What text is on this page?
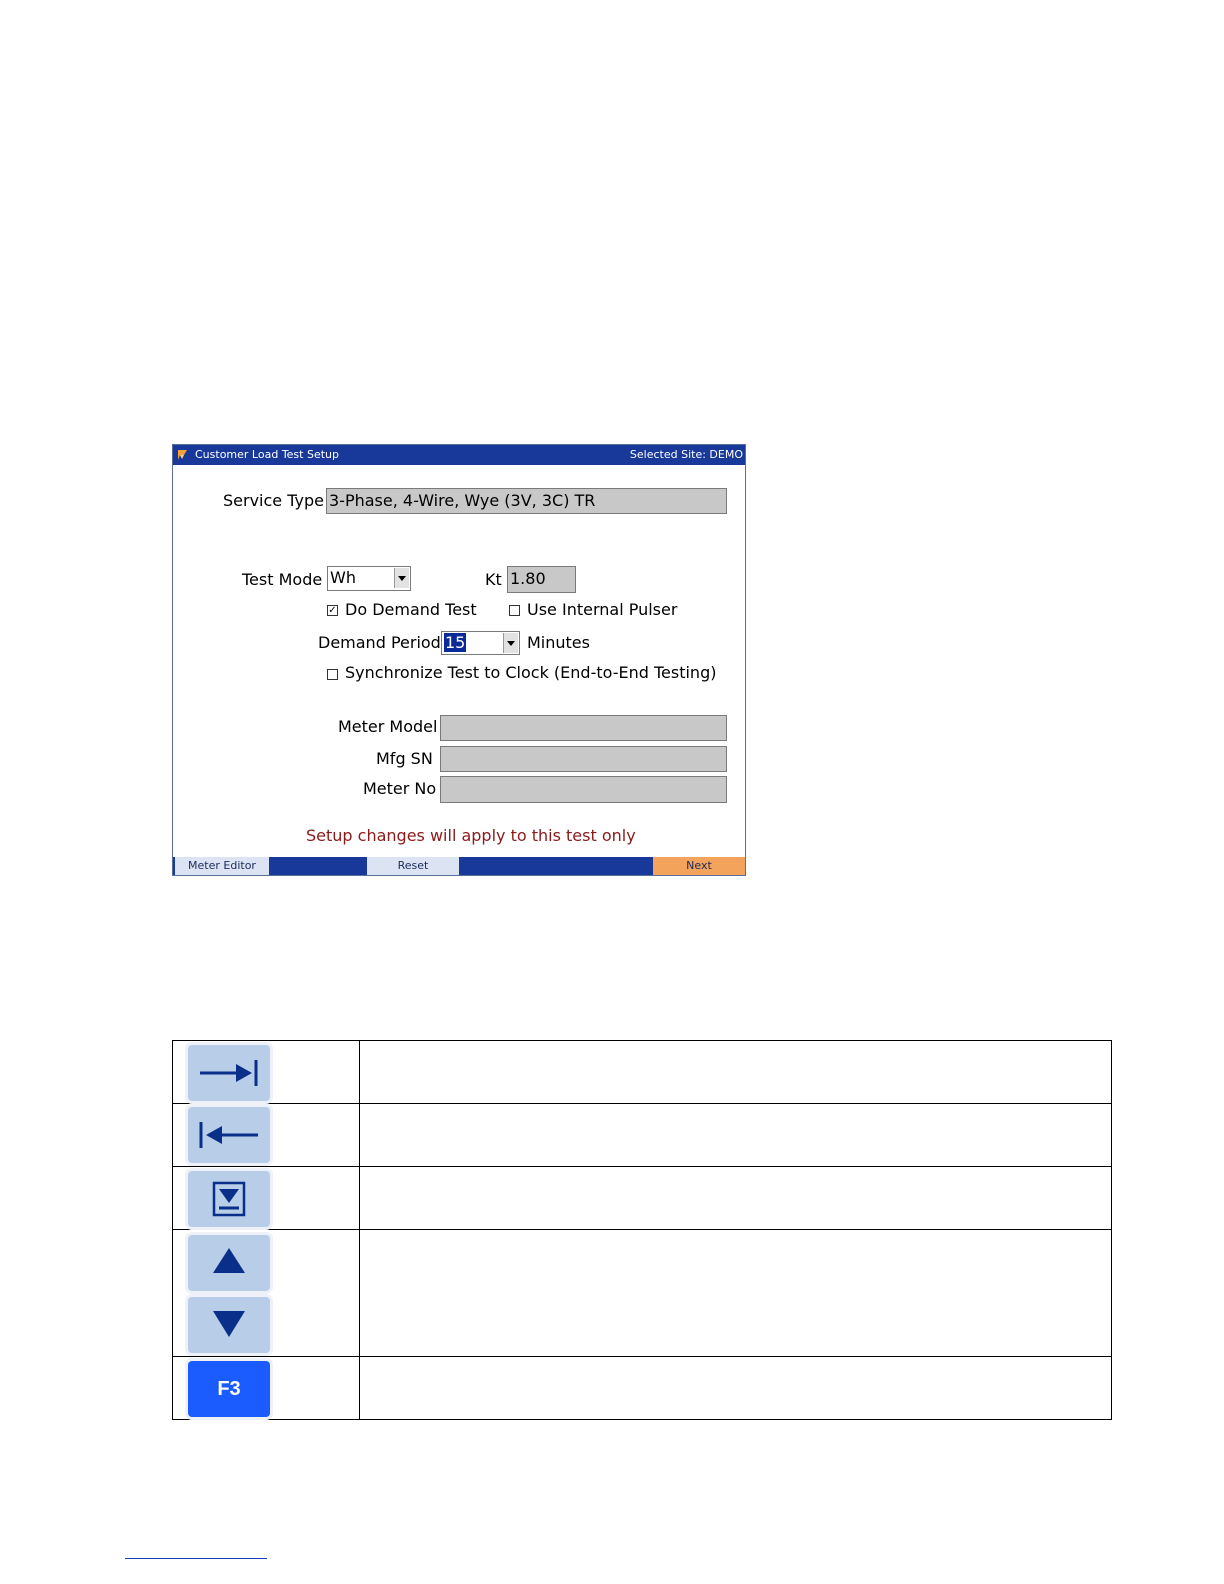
Customer Load Test Setup	Selected Site: DEMO
Service Type 3-Phase, 4-Wire, Wye (3V, 3C) TR
Test Mode Wh	Kt 1.80
✓ Do Demand Test	Use Internal Pulser
Demand Period 15	Minutes
Synchronize Test to Clock (End-to-End Testing)
Meter Model
Mfg SN
Meter No
Setup changes will apply to this test only
Meter Editor	Reset	Next
F3
